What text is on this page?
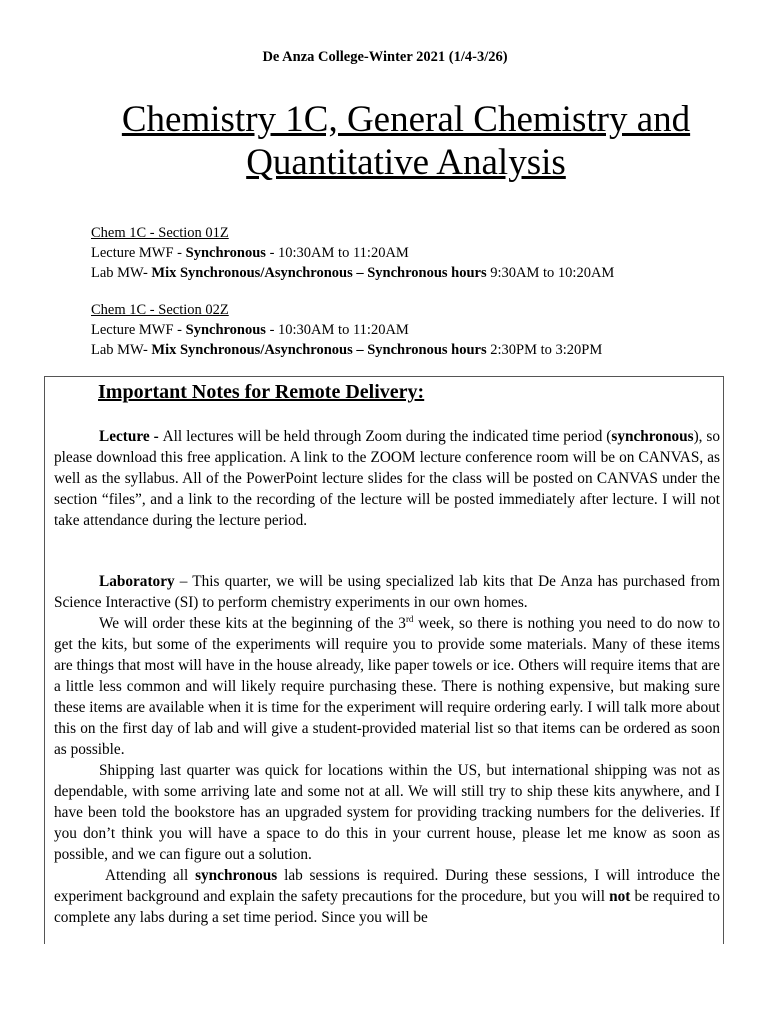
De Anza College-Winter 2021 (1/4-3/26)
Chemistry 1C, General Chemistry and
Quantitative Analysis
Chem 1C - Section 01Z
Lecture MWF - Synchronous - 10:30AM to 11:20AM
Lab MW- Mix Synchronous/Asynchronous – Synchronous hours 9:30AM to 10:20AM
Chem 1C - Section 02Z
Lecture MWF - Synchronous - 10:30AM to 11:20AM
Lab MW- Mix Synchronous/Asynchronous – Synchronous hours 2:30PM to 3:20PM
Important Notes for Remote Delivery:

Lecture - All lectures will be held through Zoom during the indicated time period (synchronous), so please download this free application. A link to the ZOOM lecture conference room will be on CANVAS, as well as the syllabus. All of the PowerPoint lecture slides for the class will be posted on CANVAS under the section “files”, and a link to the recording of the lecture will be posted immediately after lecture. I will not take attendance during the lecture period.

Laboratory – This quarter, we will be using specialized lab kits that De Anza has purchased from Science Interactive (SI) to perform chemistry experiments in our own homes.
We will order these kits at the beginning of the 3rd week, so there is nothing you need to do now to get the kits, but some of the experiments will require you to provide some materials. Many of these items are things that most will have in the house already, like paper towels or ice. Others will require items that are a little less common and will likely require purchasing these. There is nothing expensive, but making sure these items are available when it is time for the experiment will require ordering early. I will talk more about this on the first day of lab and will give a student-provided material list so that items can be ordered as soon as possible.
Shipping last quarter was quick for locations within the US, but international shipping was not as dependable, with some arriving late and some not at all. We will still try to ship these kits anywhere, and I have been told the bookstore has an upgraded system for providing tracking numbers for the deliveries. If you don’t think you will have a space to do this in your current house, please let me know as soon as possible, and we can figure out a solution.
Attending all synchronous lab sessions is required. During these sessions, I will introduce the experiment background and explain the safety precautions for the procedure, but you will not be required to complete any labs during a set time period. Since you will be
